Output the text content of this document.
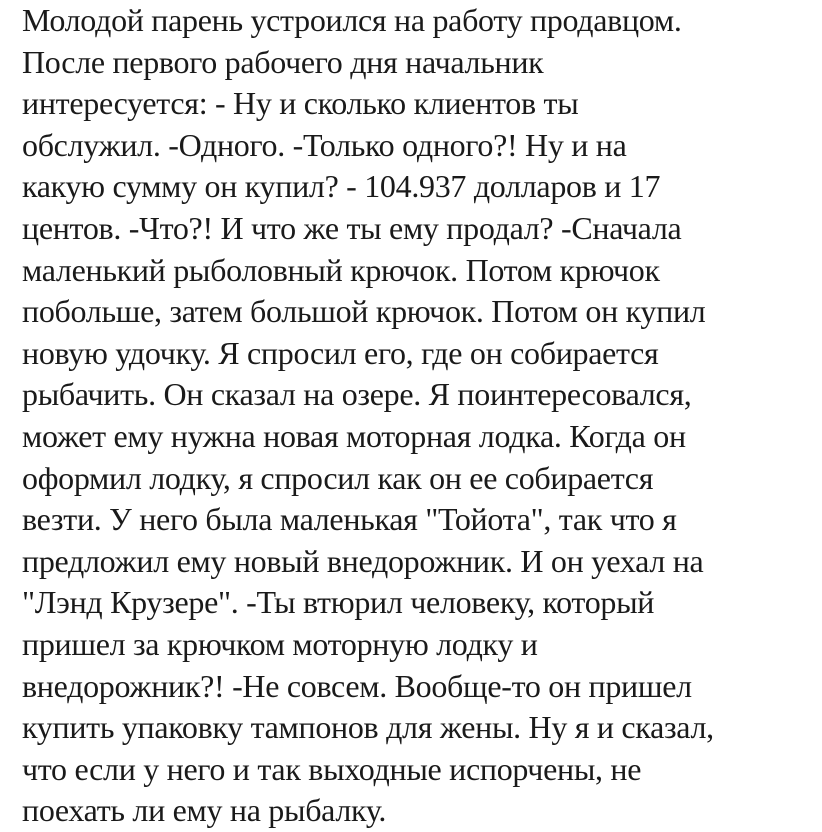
Молодой парень устроился на работу продавцом.
После первого рабочего дня начальник
интересуется: - Ну и сколько клиентов ты
обслужил. -Одного. -Только одного?! Ну и на
какую сумму он купил? - 104.937 долларов и 17
центов. -Что?! И что же ты ему продал? -Сначала
маленький рыболовный крючок. Потом крючок
побольше, затем большой крючок. Потом он купил
новую удочку. Я спросил его, где он собирается
рыбачить. Он сказал на озере. Я поинтересовался,
может ему нужна новая моторная лодка. Когда он
оформил лодку, я спросил как он ее собирается
везти. У него была маленькая "Тойота", так что я
предложил ему новый внедорожник. И он уехал на
"Лэнд Крузере". -Ты втюрил человеку, который
пришел за крючком моторную лодку и
внедорожник?! -Не совсем. Вообще-то он пришел
купить упаковку тампонов для жены. Ну я и сказал,
что если у него и так выходные испорчены, не
поехать ли ему на рыбалку.
